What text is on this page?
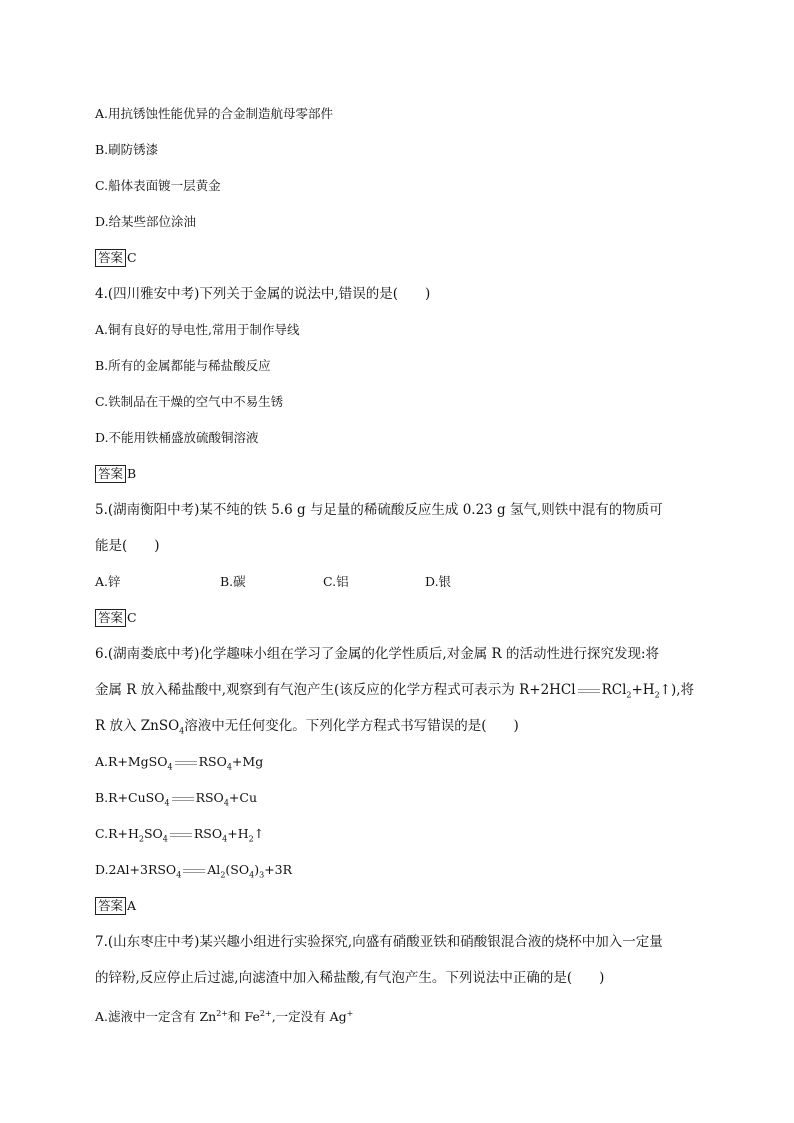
A.用抗锈蚀性能优异的合金制造航母零部件
B.刷防锈漆
C.船体表面镀一层黄金
D.给某些部位涂油
答案 C
4.(四川雅安中考)下列关于金属的说法中,错误的是(　　)
A.铜有良好的导电性,常用于制作导线
B.所有的金属都能与稀盐酸反应
C.铁制品在干燥的空气中不易生锈
D.不能用铁桶盛放硫酸铜溶液
答案 B
5.(湖南衡阳中考)某不纯的铁 5.6 g 与足量的稀硫酸反应生成 0.23 g 氢气,则铁中混有的物质可
能是(　　)
A.锌	B.碳	C.铝	D.银
答案 C
6.(湖南娄底中考)化学趣味小组在学习了金属的化学性质后,对金属 R 的活动性进行探究发现:将
金属 R 放入稀盐酸中,观察到有气泡产生(该反应的化学方程式可表示为 R+2HCl $RCl_2+H_2↑$),将
R 放入 ZnSO$_4$溶液中无任何变化。下列化学方程式书写错误的是(　　)
A.R+MgSO$_4$ $RSO_4+Mg$
B.R+CuSO$_4$ $RSO_4+Cu$
$C.R+H_2SO_4$ $RSO_4+H_2↑$
$D.2Al+3RSO_4$ $Al_2(SO_4)_3+3R$
答案 A
7.(山东枣庄中考)某兴趣小组进行实验探究,向盛有硝酸亚铁和硝酸银混合液的烧杯中加入一定量
的锌粉,反应停止后过滤,向滤渣中加入稀盐酸,有气泡产生。下列说法中正确的是(　　)
A.滤液中一定含有 $Zn^{2+}$和 $Fe^{2+}$,一定没有 Ag+
